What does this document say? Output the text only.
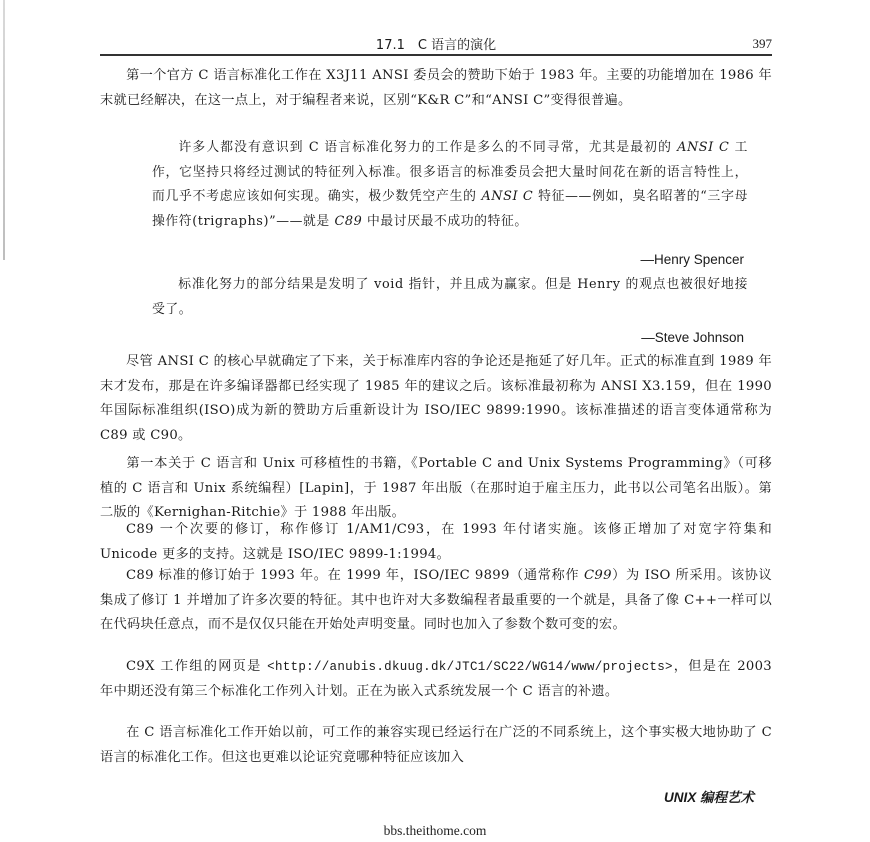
17.1　C 语言的演化	397
第一个官方 C 语言标准化工作在 X3J11 ANSI 委员会的赞助下始于 1983 年。主要的功能增加在 1986 年末就已经解决，在这一点上，对于编程者来说，区别“K&R C”和“ANSI C”变得很普遍。
许多人都没有意识到 C 语言标准化努力的工作是多么的不同寻常，尤其是最初的 ANSI C 工作，它坚持只将经过测试的特征列入标准。很多语言的标准委员会把大量时间花在新的语言特性上，而几乎不考虑应该如何实现。确实，极少数凭空产生的 ANSI C 特征——例如，臭名昭著的“三字母操作符(trigraphs)”——就是 C89 中最讨厌最不成功的特征。
—Henry Spencer
标准化努力的部分结果是发明了 void 指针，并且成为赢家。但是 Henry 的观点也被很好地接受了。
—Steve Johnson
尽管 ANSI C 的核心早就确定了下来，关于标准库内容的争论还是拖延了好几年。正式的标准直到 1989 年末才发布，那是在许多编译器都已经实现了 1985 年的建议之后。该标准最初称为 ANSI X3.159，但在 1990 年国际标准组织(ISO)成为新的赞助方后重新设计为 ISO/IEC 9899:1990。该标准描述的语言变体通常称为 C89 或 C90。
第一本关于 C 语言和 Unix 可移植性的书籍，《Portable C and Unix Systems Programming》（可移植的 C 语言和 Unix 系统编程）[Lapin]，于 1987 年出版（在那时迫于雇主压力，此书以公司笔名出版）。第二版的《Kernighan-Ritchie》于 1988 年出版。
C89 一个次要的修订，称作修订 1/AM1/C93，在 1993 年付诸实施。该修正增加了对宽字符集和 Unicode 更多的支持。这就是 ISO/IEC 9899-1:1994。
C89 标准的修订始于 1993 年。在 1999 年，ISO/IEC 9899（通常称作 C99）为 ISO 所采用。该协议集成了修订 1 并增加了许多次要的特征。其中也许对大多数编程者最重要的一个就是，具备了像 C++一样可以在代码块任意点，而不是仅仅只能在开始处声明变量。同时也加入了参数个数可变的宏。
C9X 工作组的网页是 <http://anubis.dkuug.dk/JTC1/SC22/WG14/www/projects>，但是在 2003 年中期还没有第三个标准化工作列入计划。正在为嵌入式系统发展一个 C 语言的补遗。
在 C 语言标准化工作开始以前，可工作的兼容实现已经运行在广泛的不同系统上，这个事实极大地协助了 C 语言的标准化工作。但这也更难以论证究竟哪种特征应该加入
UNIX 编程艺术
bbs.theithome.com
